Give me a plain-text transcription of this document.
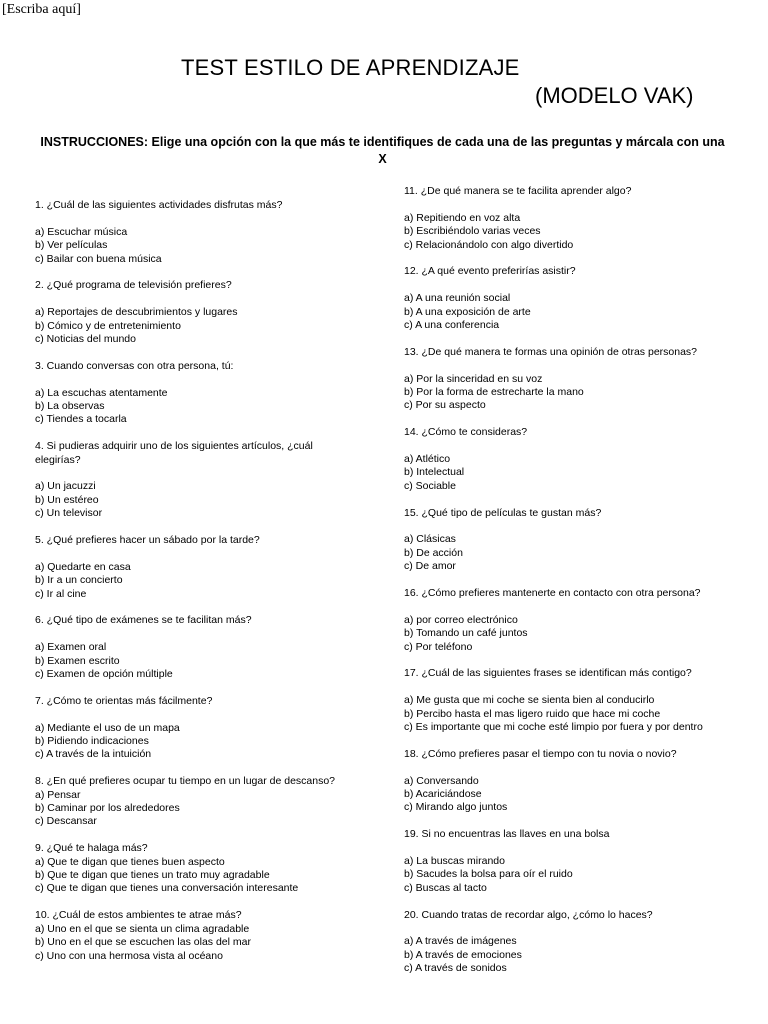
[Escriba aquí]
TEST ESTILO DE APRENDIZAJE
(MODELO VAK)
INSTRUCCIONES: Elige una opción con la que más te identifiques de cada una de las preguntas y márcala con una X
1. ¿Cuál de las siguientes actividades disfrutas más?
a) Escuchar música
b) Ver películas
c) Bailar con buena música
2. ¿Qué programa de televisión prefieres?
a) Reportajes de descubrimientos y lugares
b) Cómico y de entretenimiento
c) Noticias del mundo
3. Cuando conversas con otra persona, tú:
a) La escuchas atentamente
b) La observas
c) Tiendes a tocarla
4. Si pudieras adquirir uno de los siguientes artículos, ¿cuál elegirías?
a) Un jacuzzi
b) Un estéreo
c) Un televisor
5. ¿Qué prefieres hacer un sábado por la tarde?
a) Quedarte en casa
b) Ir a un concierto
c) Ir al cine
6. ¿Qué tipo de exámenes se te facilitan más?
a) Examen oral
b) Examen escrito
c) Examen de opción múltiple
7. ¿Cómo te orientas más fácilmente?
a) Mediante el uso de un mapa
b) Pidiendo indicaciones
c) A través de la intuición
8. ¿En qué prefieres ocupar tu tiempo en un lugar de descanso?
a) Pensar
b) Caminar por los alrededores
c) Descansar
9. ¿Qué te halaga más?
a) Que te digan que tienes buen aspecto
b) Que te digan que tienes un trato muy agradable
c) Que te digan que tienes una conversación interesante
10. ¿Cuál de estos ambientes te atrae más?
a) Uno en el que se sienta un clima agradable
b) Uno en el que se escuchen las olas del mar
c) Uno con una hermosa vista al océano
11. ¿De qué manera se te facilita aprender algo?
a) Repitiendo en voz alta
b) Escribiéndolo varias veces
c) Relacionándolo con algo divertido
12. ¿A qué evento preferirías asistir?
a) A una reunión social
b) A una exposición de arte
c) A una conferencia
13. ¿De qué manera te formas una opinión de otras personas?
a) Por la sinceridad en su voz
b) Por la forma de estrecharte la mano
c) Por su aspecto
14. ¿Cómo te consideras?
a) Atlético
b) Intelectual
c) Sociable
15. ¿Qué tipo de películas te gustan más?
a) Clásicas
b) De acción
c) De amor
16. ¿Cómo prefieres mantenerte en contacto con otra persona?
a) por correo electrónico
b) Tomando un café juntos
c) Por teléfono
17. ¿Cuál de las siguientes frases se identifican más contigo?
a) Me gusta que mi coche se sienta bien al conducirlo
b) Percibo hasta el mas ligero ruido que hace mi coche
c) Es importante que mi coche esté limpio por fuera y por dentro
18. ¿Cómo prefieres pasar el tiempo con tu novia o novio?
a) Conversando
b) Acariciándose
c) Mirando algo juntos
19. Si no encuentras las llaves en una bolsa
a) La buscas mirando
b) Sacudes la bolsa para oír el ruido
c) Buscas al tacto
20. Cuando tratas de recordar algo, ¿cómo lo haces?
a) A través de imágenes
b) A través de emociones
c) A través de sonidos
